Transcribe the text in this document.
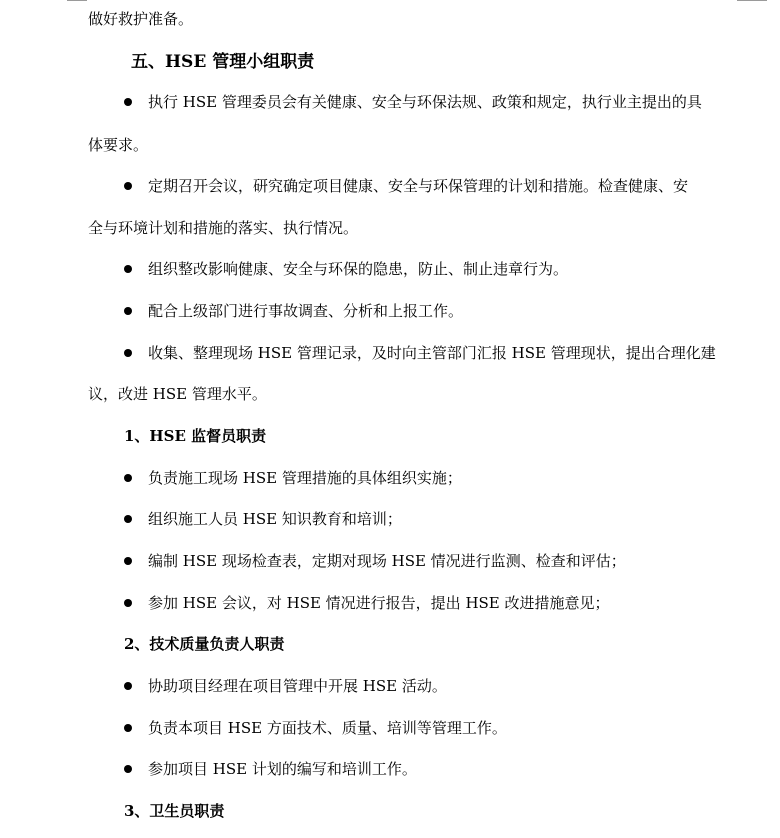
做好救护准备。
五、HSE 管理小组职责
执行 HSE 管理委员会有关健康、安全与环保法规、政策和规定，执行业主提出的具
体要求。
定期召开会议，研究确定项目健康、安全与环保管理的计划和措施。检查健康、安
全与环境计划和措施的落实、执行情况。
组织整改影响健康、安全与环保的隐患，防止、制止违章行为。
配合上级部门进行事故调查、分析和上报工作。
收集、整理现场 HSE 管理记录，及时向主管部门汇报 HSE 管理现状，提出合理化建
议，改进 HSE 管理水平。
1、HSE 监督员职责
负责施工现场 HSE 管理措施的具体组织实施；
组织施工人员 HSE 知识教育和培训；
编制 HSE 现场检查表，定期对现场 HSE 情况进行监测、检查和评估；
参加 HSE 会议，对 HSE 情况进行报告，提出 HSE 改进措施意见；
2、技术质量负责人职责
协助项目经理在项目管理中开展 HSE 活动。
负责本项目 HSE 方面技术、质量、培训等管理工作。
参加项目 HSE 计划的编写和培训工作。
3、卫生员职责
